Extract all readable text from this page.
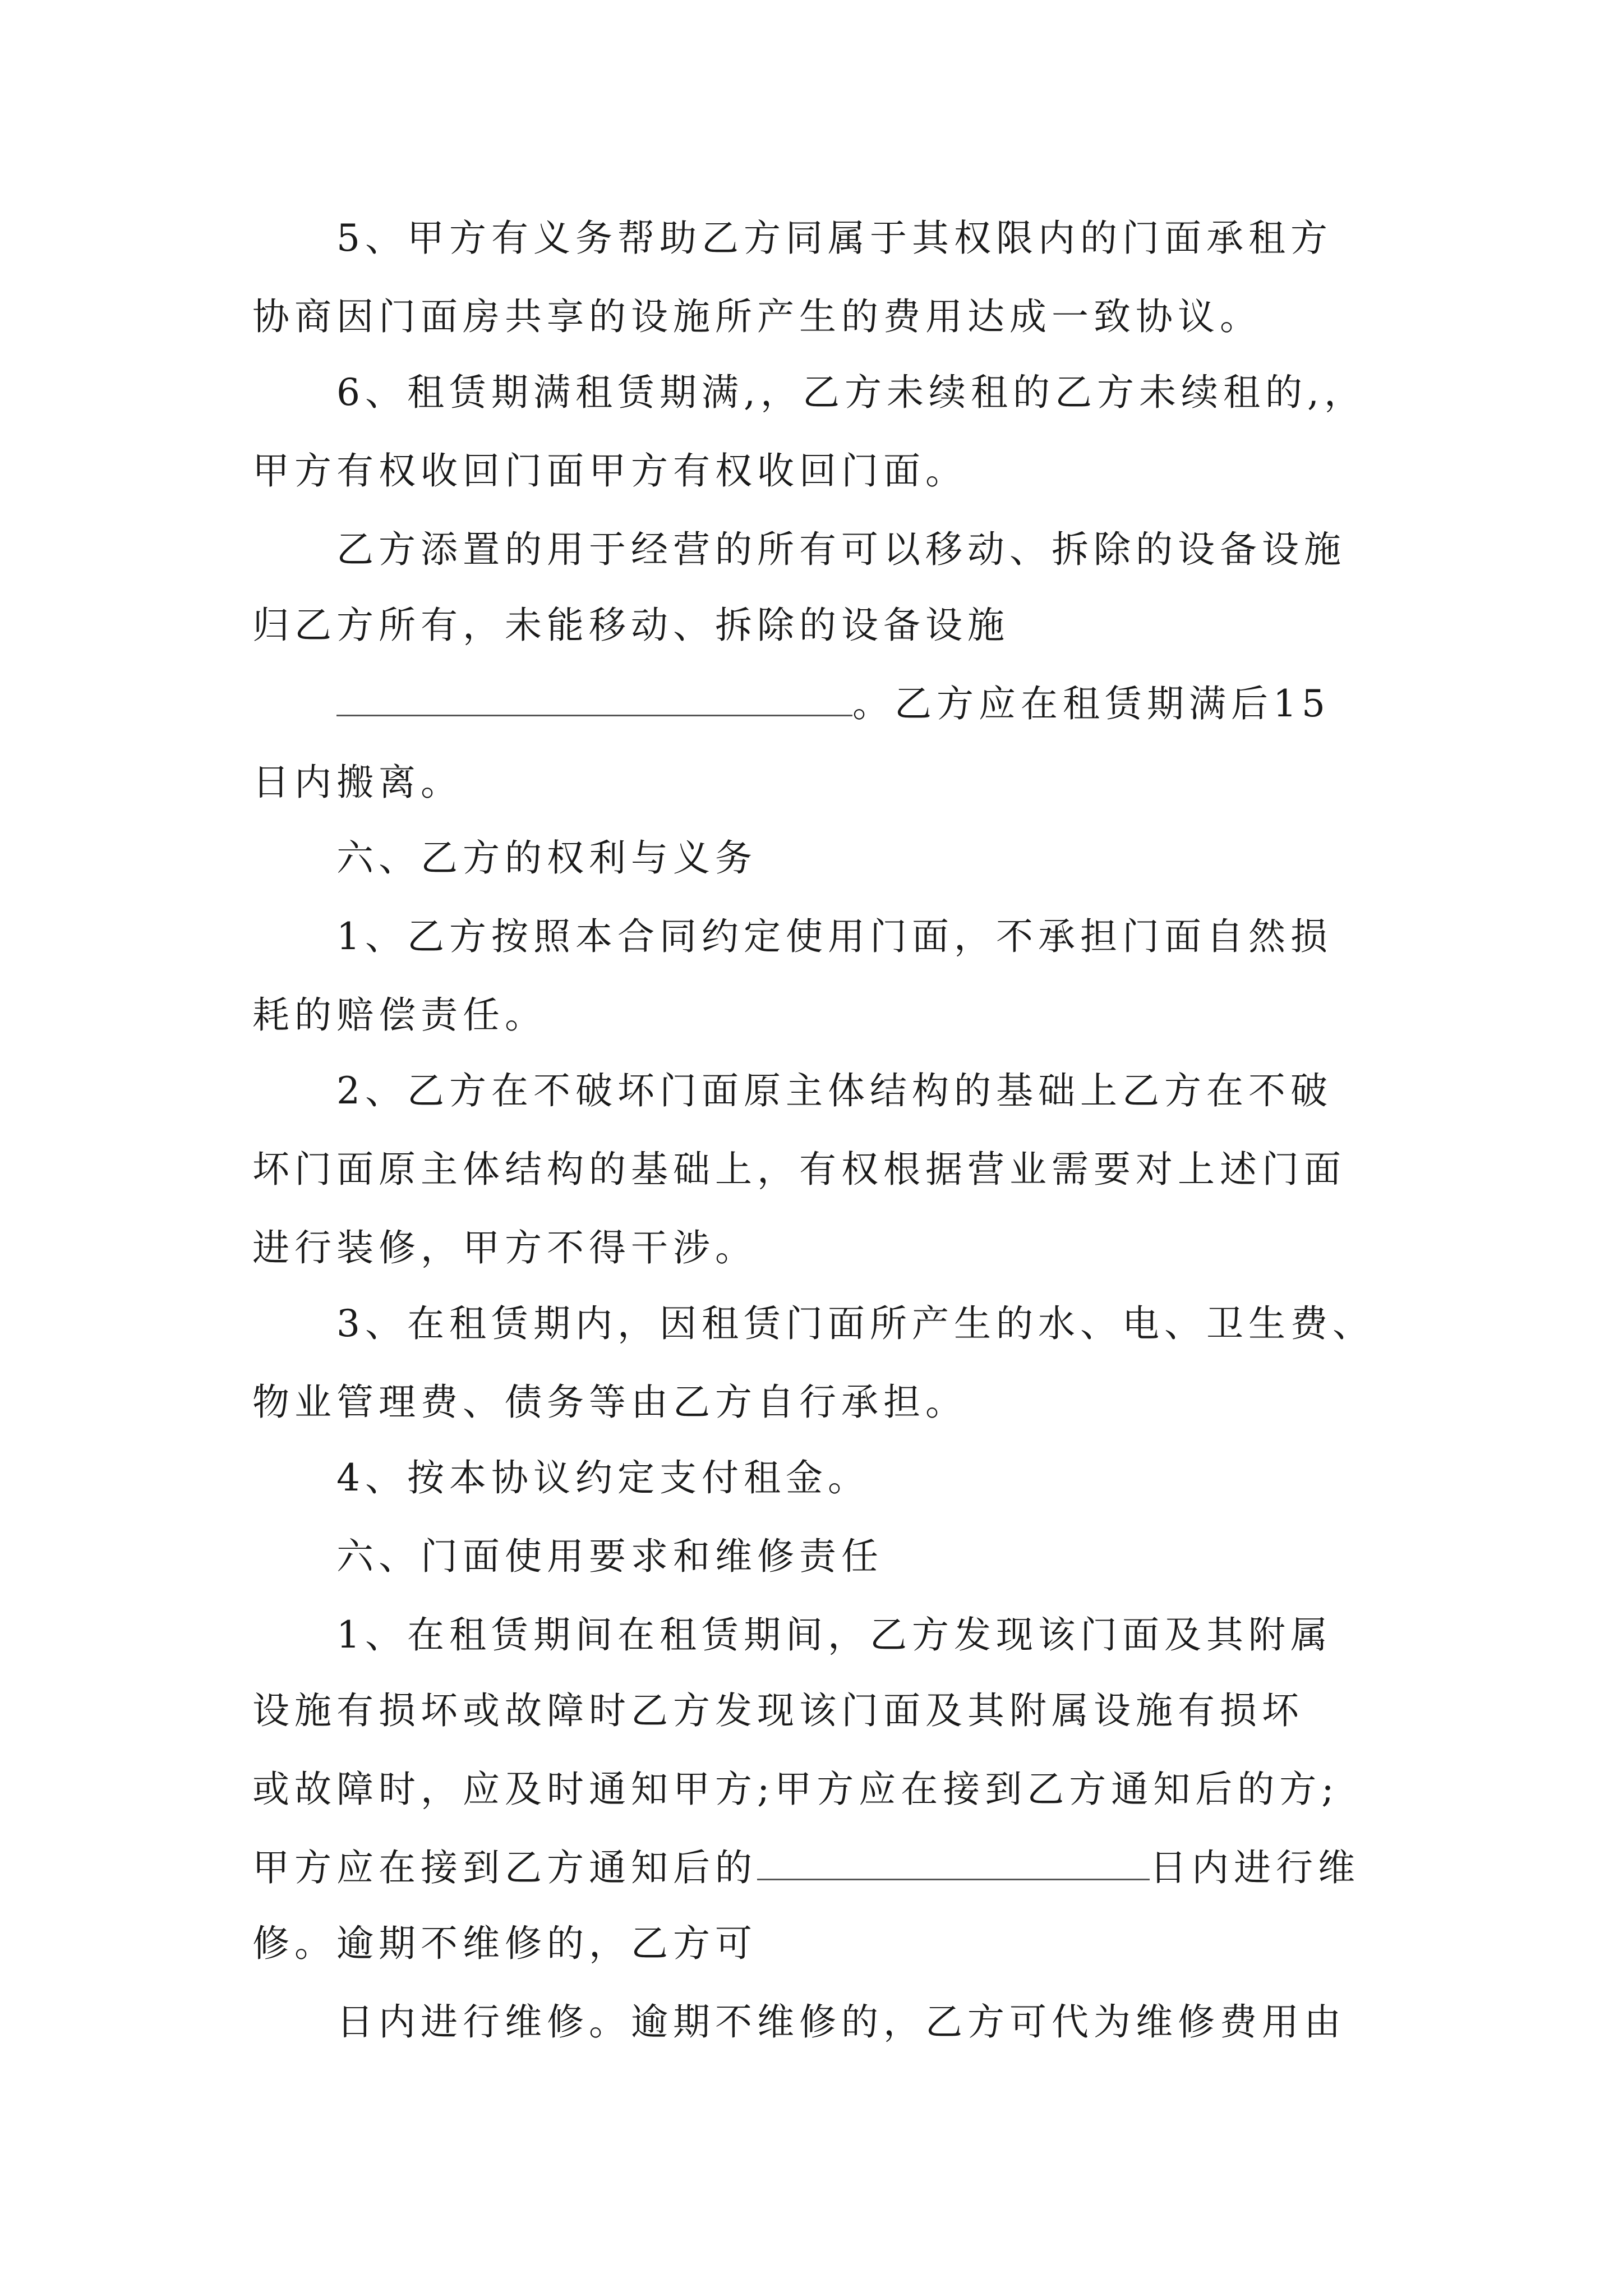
5、甲方有义务帮助乙方同属于其权限内的门面承租方
协商因门面房共享的设施所产生的费用达成一致协议。
6、租赁期满租赁期满,，乙方未续租的乙方未续租的,，
甲方有权收回门面甲方有权收回门面。
乙方添置的用于经营的所有可以移动、拆除的设备设施
归乙方所有，未能移动、拆除的设备设施
。乙方应在租赁期满后15
日内搬离。
六、乙方的权利与义务
1、乙方按照本合同约定使用门面，不承担门面自然损
耗的赔偿责任。
2、乙方在不破坏门面原主体结构的基础上乙方在不破
坏门面原主体结构的基础上，有权根据营业需要对上述门面
进行装修，甲方不得干涉。
3、在租赁期内，因租赁门面所产生的水、电、卫生费、
物业管理费、债务等由乙方自行承担。
4、按本协议约定支付租金。
六、门面使用要求和维修责任
1、在租赁期间在租赁期间，乙方发现该门面及其附属
设施有损坏或故障时乙方发现该门面及其附属设施有损坏
或故障时，应及时通知甲方;甲方应在接到乙方通知后的方;
甲方应在接到乙方通知后的	日内进行维
修。逾期不维修的，乙方可
日内进行维修。逾期不维修的，乙方可代为维修费用由
